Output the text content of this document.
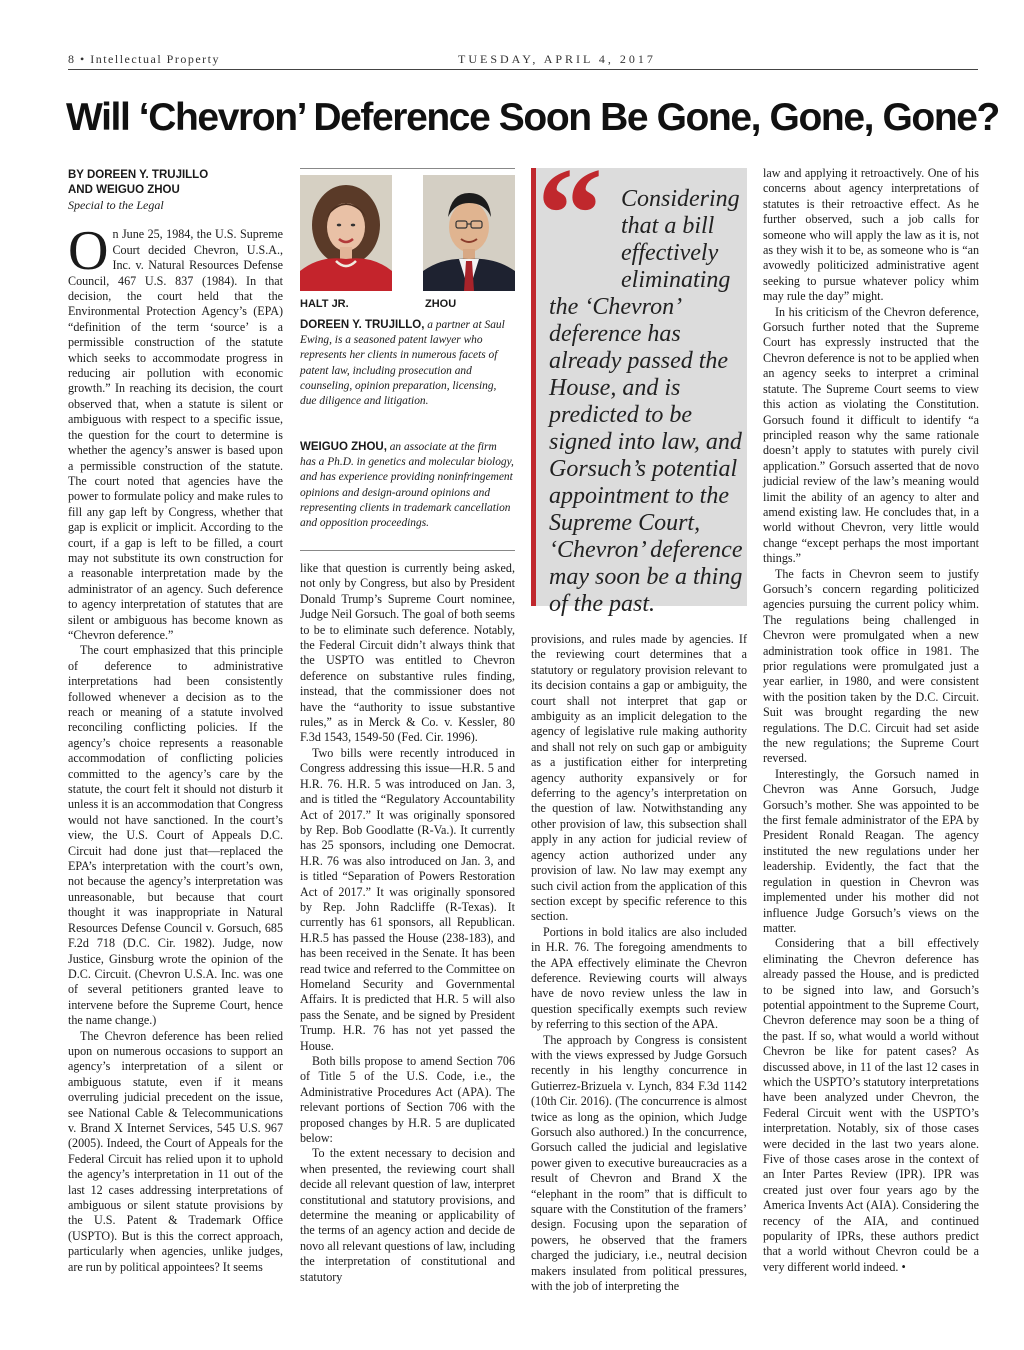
8 • Intellectual Property	TUESDAY, APRIL 4, 2017
Will ‘Chevron’ Deference Soon Be Gone, Gone, Gone?
BY DOREEN Y. TRUJILLO
AND WEIGUO ZHOU
Special to the Legal

On June 25, 1984, the U.S. Supreme Court decided Chevron, U.S.A., Inc. v. Natural Resources Defense Council, 467 U.S. 837 (1984). In that decision, the court held that the Environmental Protection Agency’s (EPA) “definition of the term ‘source’ is a permissible construction of the statute which seeks to accommodate progress in reducing air pollution with economic growth.” In reaching its decision, the court observed that, when a statute is silent or ambiguous with respect to a specific issue, the question for the court to determine is whether the agency’s answer is based upon a permissible construction of the statute. The court noted that agencies have the power to formulate policy and make rules to fill any gap left by Congress, whether that gap is explicit or implicit. According to the court, if a gap is left to be filled, a court may not substitute its own construction for a reasonable interpretation made by the administrator of an agency. Such deference to agency interpretation of statutes that are silent or ambiguous has become known as “Chevron deference.”

The court emphasized that this principle of deference to administrative interpretations had been consistently followed whenever a decision as to the reach or meaning of a statute involved reconciling conflicting policies. If the agency’s choice represents a reasonable accommodation of conflicting policies committed to the agency’s care by the statute, the court felt it should not disturb it unless it is an accommodation that Congress would not have sanctioned. In the court’s view, the U.S. Court of Appeals D.C. Circuit had done just that—replaced the EPA’s interpretation with the court’s own, not because the agency’s interpretation was unreasonable, but because that court thought it was inappropriate in Natural Resources Defense Council v. Gorsuch, 685 F.2d 718 (D.C. Cir. 1982). Judge, now Justice, Ginsburg wrote the opinion of the D.C. Circuit. (Chevron U.S.A. Inc. was one of several petitioners granted leave to intervene before the Supreme Court, hence the name change.)

The Chevron deference has been relied upon on numerous occasions to support an agency’s interpretation of a silent or ambiguous statute, even if it means overruling judicial precedent on the issue, see National Cable & Telecommunications v. Brand X Internet Services, 545 U.S. 967 (2005). Indeed, the Court of Appeals for the Federal Circuit has relied upon it to uphold the agency’s interpretation in 11 out of the last 12 cases addressing interpretations of ambiguous or silent statute provisions by the U.S. Patent & Trademark Office (USPTO). But is this the correct approach, particularly when agencies, unlike judges, are run by political appointees? It seems

HALT JR.	ZHOU
DOREEN Y. TRUJILLO, a partner at Saul Ewing, is a seasoned patent lawyer who represents her clients in numerous facets of patent law, including prosecution and counseling, opinion preparation, licensing, due diligence and litigation.
WEIGUO ZHOU, an associate at the firm has a Ph.D. in genetics and molecular biology, and has experience providing noninfringement opinions and design-around opinions and representing clients in trademark cancellation and opposition proceedings.

like that question is currently being asked, not only by Congress, but also by President Donald Trump’s Supreme Court nominee, Judge Neil Gorsuch. The goal of both seems to be to eliminate such deference. Notably, the Federal Circuit didn’t always think that the USPTO was entitled to Chevron deference on substantive rules finding, instead, that the commissioner does not have the “authority to issue substantive rules,” as in Merck & Co. v. Kessler, 80 F.3d 1543, 1549-50 (Fed. Cir. 1996).

Two bills were recently introduced in Congress addressing this issue—H.R. 5 and H.R. 76. H.R. 5 was introduced on Jan. 3, and is titled the “Regulatory Accountability Act of 2017.” It was originally sponsored by Rep. Bob Goodlatte (R-Va.). It currently has 25 sponsors, including one Democrat. H.R. 76 was also introduced on Jan. 3, and is titled “Separation of Powers Restoration Act of 2017.” It was originally sponsored by Rep. John Radcliffe (R-Texas). It currently has 61 sponsors, all Republican. H.R.5 has passed the House (238-183), and has been received in the Senate. It has been read twice and referred to the Committee on Homeland Security and Governmental Affairs. It is predicted that H.R. 5 will also pass the Senate, and be signed by President Trump. H.R. 76 has not yet passed the House.

Both bills propose to amend Section 706 of Title 5 of the U.S. Code, i.e., the Administrative Procedures Act (APA). The relevant portions of Section 706 with the proposed changes by H.R. 5 are duplicated below:

To the extent necessary to decision and when presented, the reviewing court shall decide all relevant question of law, interpret constitutional and statutory provisions, and determine the meaning or applicability of the terms of an agency action and decide de novo all relevant questions of law, including the interpretation of constitutional and statutory

“ Considering that a bill effectively eliminating the ‘Chevron’ deference has already passed the House, and is predicted to be signed into law, and Gorsuch’s potential appointment to the Supreme Court, ‘Chevron’ deference may soon be a thing of the past.

provisions, and rules made by agencies. If the reviewing court determines that a statutory or regulatory provision relevant to its decision contains a gap or ambiguity, the court shall not interpret that gap or ambiguity as an implicit delegation to the agency of legislative rule making authority and shall not rely on such gap or ambiguity as a justification either for interpreting agency authority expansively or for deferring to the agency’s interpretation on the question of law. Notwithstanding any other provision of law, this subsection shall apply in any action for judicial review of agency action authorized under any provision of law. No law may exempt any such civil action from the application of this section except by specific reference to this section.

Portions in bold italics are also included in H.R. 76. The foregoing amendments to the APA effectively eliminate the Chevron deference. Reviewing courts will always have de novo review unless the law in question specifically exempts such review by referring to this section of the APA.

The approach by Congress is consistent with the views expressed by Judge Gorsuch recently in his lengthy concurrence in Gutierrez-Brizuela v. Lynch, 834 F.3d 1142 (10th Cir. 2016). (The concurrence is almost twice as long as the opinion, which Judge Gorsuch also authored.) In the concurrence, Gorsuch called the judicial and legislative power given to executive bureaucracies as a result of Chevron and Brand X the “elephant in the room” that is difficult to square with the Constitution of the framers’ design. Focusing upon the separation of powers, he observed that the framers charged the judiciary, i.e., neutral decision makers insulated from political pressures, with the job of interpreting the

law and applying it retroactively. One of his concerns about agency interpretations of statutes is their retroactive effect. As he further observed, such a job calls for someone who will apply the law as it is, not as they wish it to be, as someone who is “an avowedly politicized administrative agent seeking to pursue whatever policy whim may rule the day” might.

In his criticism of the Chevron deference, Gorsuch further noted that the Supreme Court has expressly instructed that the Chevron deference is not to be applied when an agency seeks to interpret a criminal statute. The Supreme Court seems to view this action as violating the Constitution. Gorsuch found it difficult to identify “a principled reason why the same rationale doesn’t apply to statutes with purely civil application.” Gorsuch asserted that de novo judicial review of the law’s meaning would limit the ability of an agency to alter and amend existing law. He concludes that, in a world without Chevron, very little would change “except perhaps the most important things.”

The facts in Chevron seem to justify Gorsuch’s concern regarding politicized agencies pursuing the current policy whim. The regulations being challenged in Chevron were promulgated when a new administration took office in 1981. The prior regulations were promulgated just a year earlier, in 1980, and were consistent with the position taken by the D.C. Circuit. Suit was brought regarding the new regulations. The D.C. Circuit had set aside the new regulations; the Supreme Court reversed.

Interestingly, the Gorsuch named in Chevron was Anne Gorsuch, Judge Gorsuch’s mother. She was appointed to be the first female administrator of the EPA by President Ronald Reagan. The agency instituted the new regulations under her leadership. Evidently, the fact that the regulation in question in Chevron was implemented under his mother did not influence Judge Gorsuch’s views on the matter.

Considering that a bill effectively eliminating the Chevron deference has already passed the House, and is predicted to be signed into law, and Gorsuch’s potential appointment to the Supreme Court, Chevron deference may soon be a thing of the past. If so, what would a world without Chevron be like for patent cases? As discussed above, in 11 of the last 12 cases in which the USPTO’s statutory interpretations have been analyzed under Chevron, the Federal Circuit went with the USPTO’s interpretation. Notably, six of those cases were decided in the last two years alone. Five of those cases arose in the context of an Inter Partes Review (IPR). IPR was created just over four years ago by the America Invents Act (AIA). Considering the recency of the AIA, and continued popularity of IPRs, these authors predict that a world without Chevron could be a very different world indeed. •
